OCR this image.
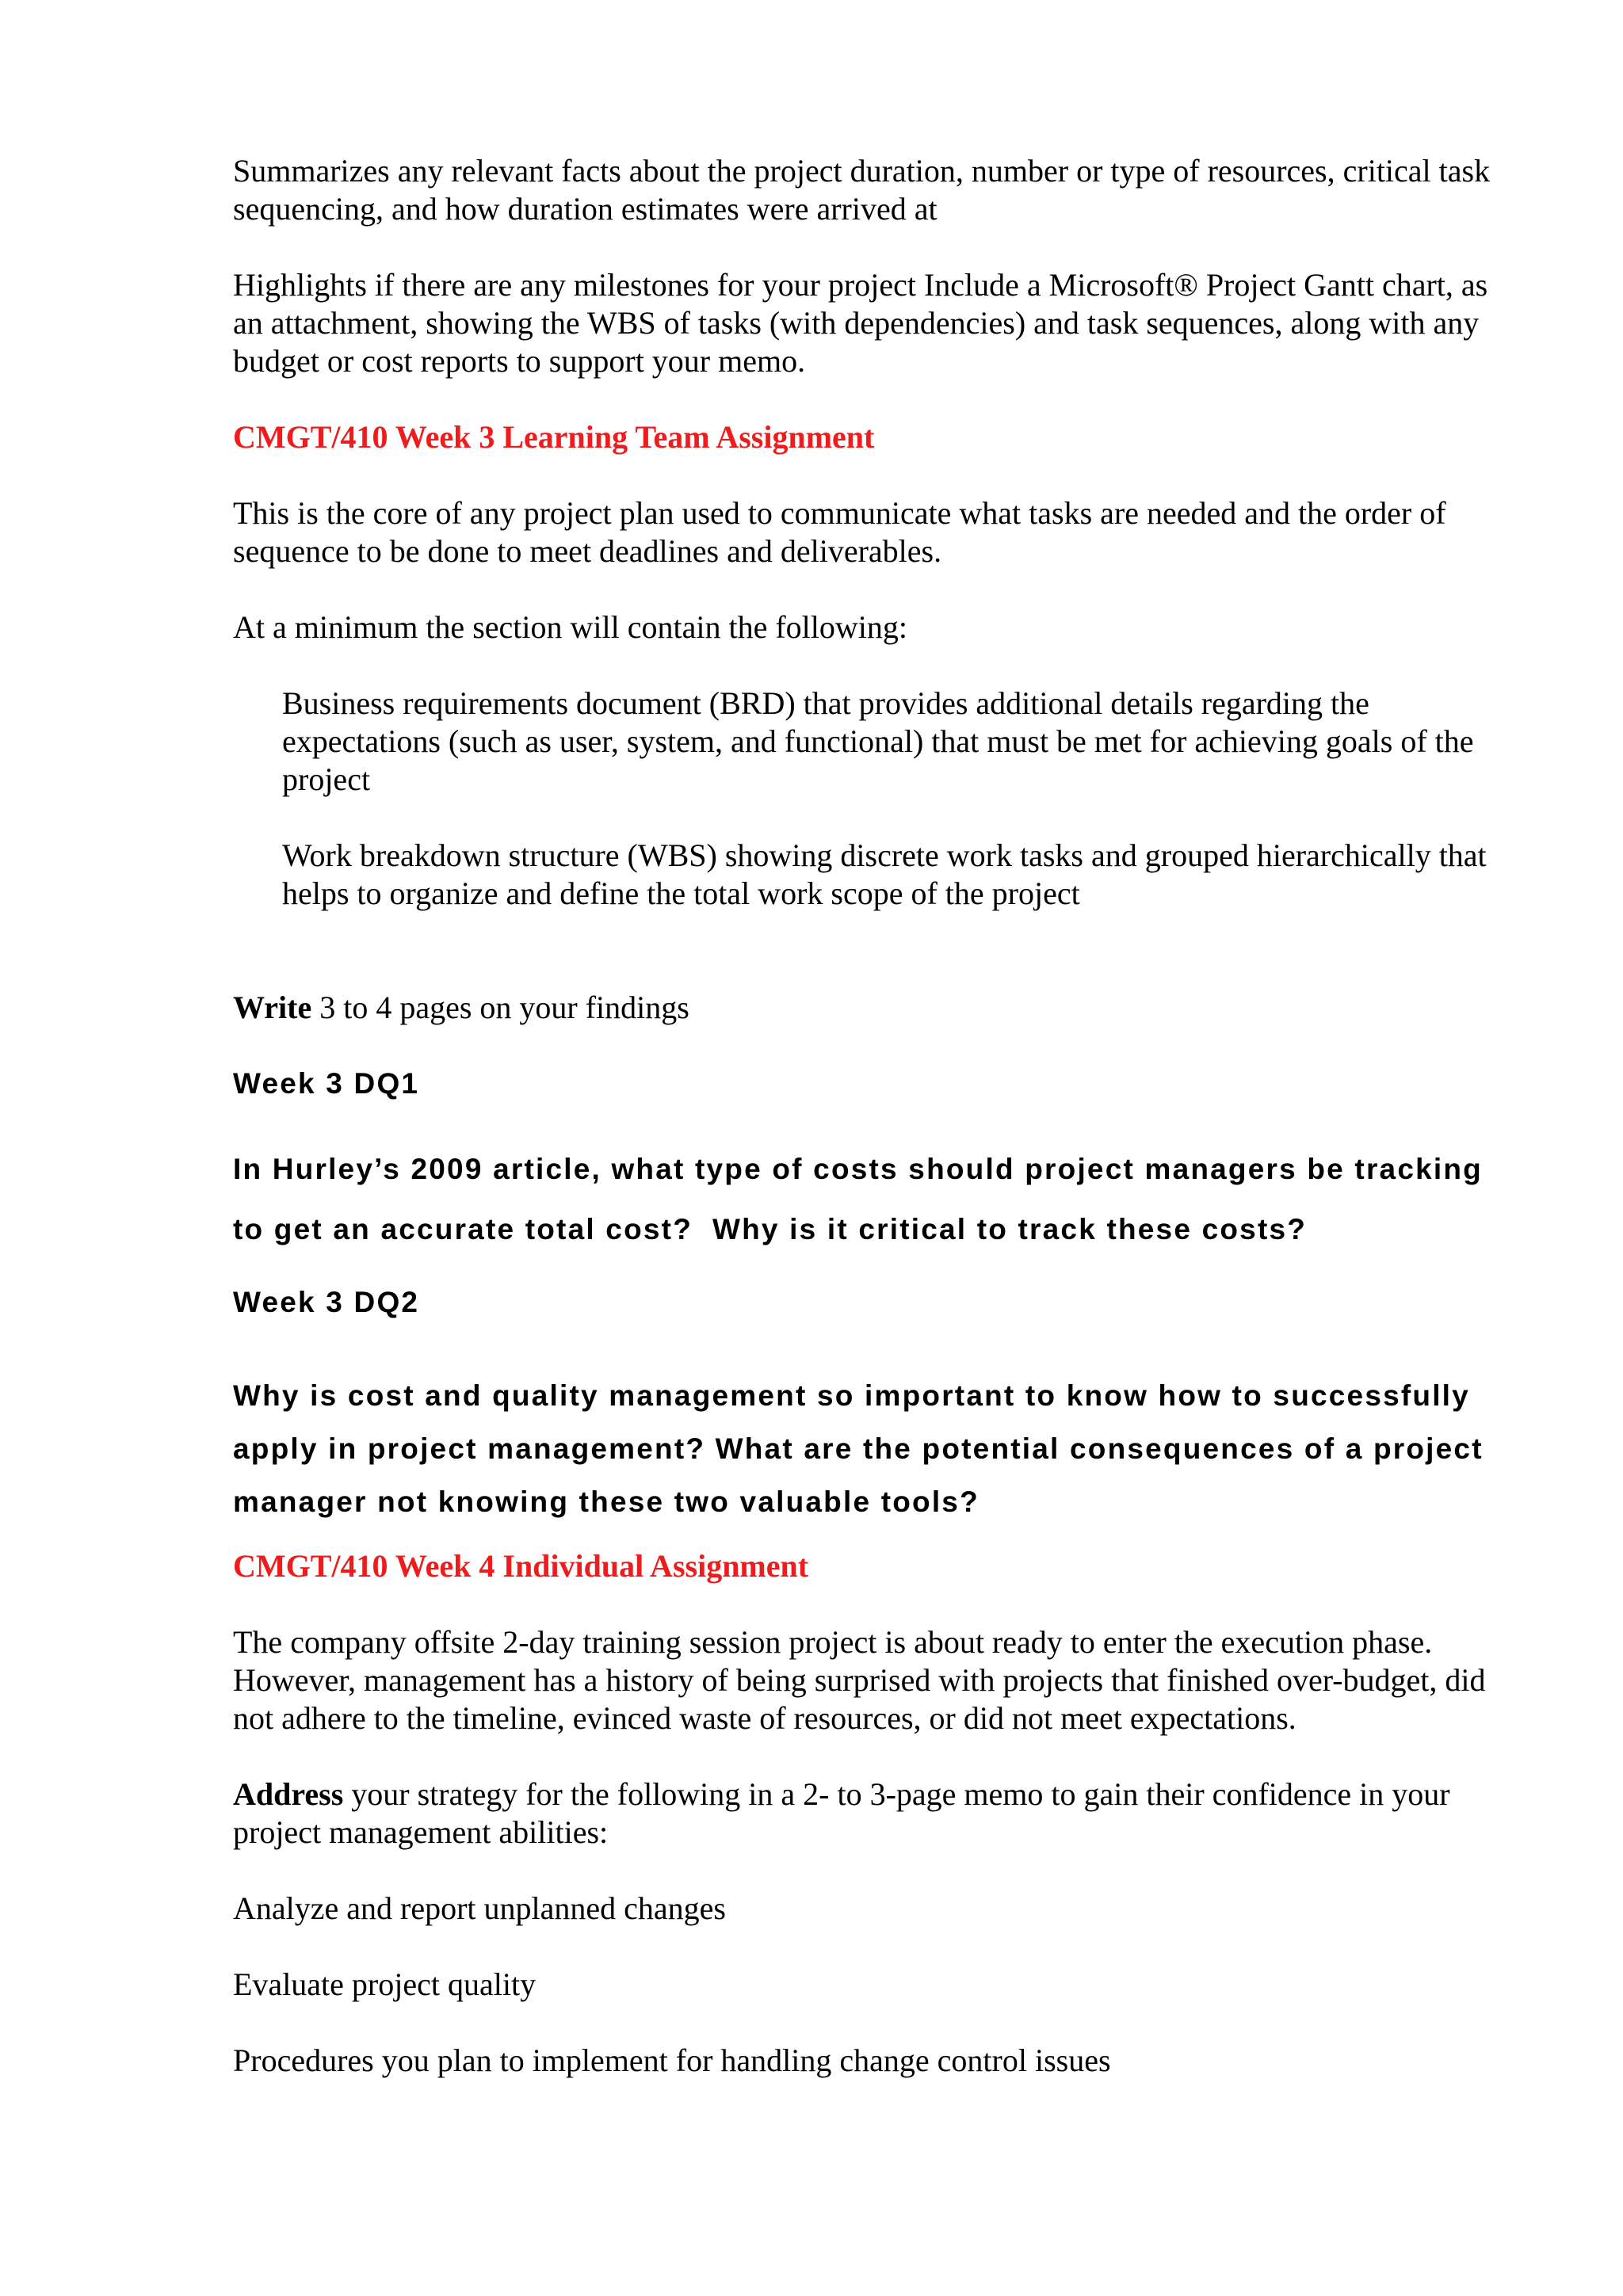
Summarizes any relevant facts about the project duration, number or type of resources, critical task sequencing, and how duration estimates were arrived at

Highlights if there are any milestones for your project Include a Microsoft® Project Gantt chart, as an attachment, showing the WBS of tasks (with dependencies) and task sequences, along with any budget or cost reports to support your memo.

CMGT/410 Week 3 Learning Team Assignment

This is the core of any project plan used to communicate what tasks are needed and the order of sequence to be done to meet deadlines and deliverables.

At a minimum the section will contain the following:

Business requirements document (BRD) that provides additional details regarding the expectations (such as user, system, and functional) that must be met for achieving goals of the project

Work breakdown structure (WBS) showing discrete work tasks and grouped hierarchically that helps to organize and define the total work scope of the project

Write 3 to 4 pages on your findings

Week 3 DQ1

In Hurley’s 2009 article, what type of costs should project managers be tracking to get an accurate total cost?  Why is it critical to track these costs?

Week 3 DQ2

Why is cost and quality management so important to know how to successfully apply in project management? What are the potential consequences of a project manager not knowing these two valuable tools?

CMGT/410 Week 4 Individual Assignment

The company offsite 2-day training session project is about ready to enter the execution phase. However, management has a history of being surprised with projects that finished over-budget, did not adhere to the timeline, evinced waste of resources, or did not meet expectations.

Address your strategy for the following in a 2- to 3-page memo to gain their confidence in your project management abilities:

Analyze and report unplanned changes

Evaluate project quality

Procedures you plan to implement for handling change control issues
